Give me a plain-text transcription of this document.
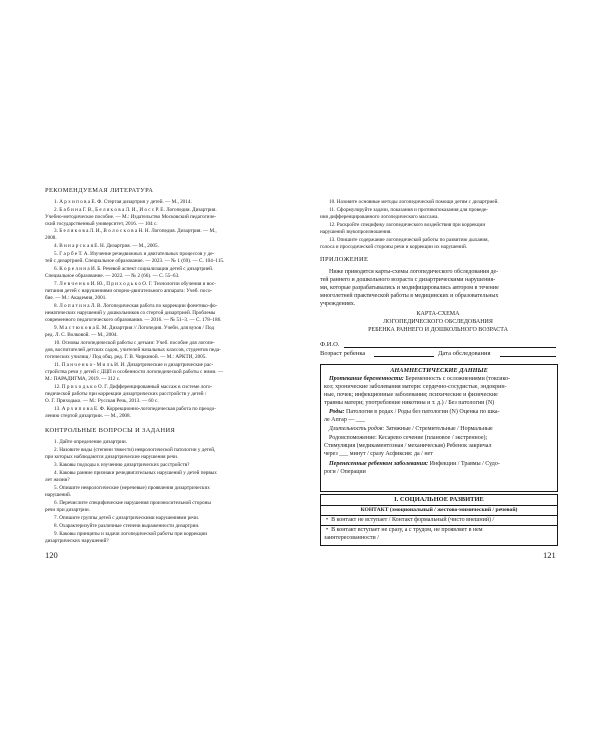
РЕКОМЕНДУЕМАЯ ЛИТЕРАТУРА
1. А р х и п о в а Е. Ф. Стертая дизартрия у детей. — М., 2014.
2. Б а б и н а Г. В., Б е л я к о в а Л. И., И о с с Р. Е. Логопедия. Дизартрия.
Учебно-методическое пособие. — М.: Издательство Московский педагогиче-
ский государственный университет, 2016. — 104 с.
3. Б е л я к о в а Л. И., В о л о с к о в а Н. Н. Логопедия. Дизартрия. — М.,
2008.
4. В и н а р с к а я Е. Н. Дизартрия. — М., 2005.
5. Г а р б е Т. А. Изучение речедвижных и двигательных процессов у де-
тей с дизартрией. Специальное образование. — 2023. — № 1 (69). — С. 104–115.
6. К о р е л и н а И. Б. Речевой аспект социализации детей с дизартрией.
Специальное образование. — 2022. — № 2 (66). — С. 55–63.
7. Л е в ч е н к о И. Ю., П р и х о д ь к о О. Г. Технологии обучения и вос-
питания детей с нарушениями опорно-двигательного аппарата: Учеб. посо-
бие. — М.: Академия, 2001.
8. Л о п а т и н а Л. В. Логопедическая работа по коррекции фонетико-фо-
нематических нарушений у дошкольников со стертой дизартрией. Проблемы
современного педагогического образования. — 2016. — № 51–3. — С. 178–186.
9. М а с т ю к о в а Е. М. Дизартрия // Логопедия. Учебн. для вузов / Под
ред. Л. С. Волковой. — М., 2004.
10. Основы логопедической работы с детьми: Учеб. пособие для логопе-
дов, воспитателей детских садов, учителей начальных классов, студентов педа-
гогических училищ / Под общ. ред. Г. В. Чиркиной. — М.: АРКТИ, 2005.
11. П а н ч е н к о - М и л ь И. И. Дизартрические и дизартрические рас-
стройства речи у детей с ДЦП и особенности логопедической работы с ними. —
М.: ПАРАДИГМА, 2019. — 312 с.
12. П р и х о д ь к о О. Г. Дифференцированный массаж в системе лого-
педической работы при коррекции дизартрических расстройств у детей /
О. Г. Приходько. — М.: Русская Речь, 2013. — 60 с.
13. А р х и п о в а Е. Ф. Коррекционно-логопедическая работа по преодо-
лению стертой дизартрии. — М., 2008.
КОНТРОЛЬНЫЕ ВОПРОСЫ И ЗАДАНИЯ
1. Дайте определение дизартрии.
2. Назовите виды (степени тяжести) неврологической патологии у детей,
при которых наблюдаются дизартрические нарушения речи.
3. Каковы подходы к изучению дизартрических расстройств?
4. Каковы ранние признаки речедвигательных нарушений у детей первых
лет жизни?
5. Опишите неврологические (неречевые) проявления дизартрических
нарушений.
6. Перечислите специфические нарушения произносительной стороны
речи при дизартрии.
7. Опишите группы детей с дизартрическими нарушениями речи.
8. Охарактеризуйте различные степени выраженности дизартрии.
9. Каковы принципы и задачи логопедической работы при коррекции
дизартрических нарушений?
120
10. Назовите основные методы логопедической помощи детям с дизартрией.
11. Сформулируйте задачи, показания и противопоказания для проведе-
ния дифференцированного логопедического массажа.
12. Раскройте специфику логопедического воздействия при коррекции
нарушений звукопроизношения.
13. Опишите содержание логопедической работы по развитию дыхания,
голоса и просодической стороны речи и коррекции их нарушений.
ПРИЛОЖЕНИЕ
Ниже приводятся карты-схемы логопедического обследования де-
тей раннего и дошкольного возраста с дизартрическими нарушения-
ми, которые разрабатывались и модифицировались автором в течение
многолетней практической работы в медицинских и образовательных
учреждениях.
КАРТА-СХЕМА
ЛОГОПЕДИЧЕСКОГО ОБСЛЕДОВАНИЯ
РЕБЕНКА РАННЕГО И ДОШКОЛЬНОГО ВОЗРАСТА
Ф.И.О.
Возраст ребенка	Дата обследования
АНАМНЕСТИЧЕСКИЕ ДАННЫЕ
Протекание беременности: Беременность с осложнениями (токсико-
коз; хронические заболевания матери: сердечно-сосудистые, эндокрин-
ные, почек; инфекционные заболевания; психические и физические
травмы матери; употребление никотина и т. д.) / Без патологии (N)
Роды: Патология в родах / Роды без патологии (N) Оценка по шка-
ле Апгар — ___
Длительность родов: Затяжные / Стремительные / Нормальные
Родовспоможение: Кесарево сечение (плановое / экстренное);
Стимуляция (медикаментозная / механическая) Ребенок закричал
через ___ минут / сразу Асфиксия: да / нет
Перенесенные ребенком заболевания: Инфекции / Травмы / Судо-
роги / Операции
I. СОЦИАЛЬНОЕ РАЗВИТИЕ
КОНТАКТ (эмоциональный / жестово-мимический / речевой)
•  В контакт не вступает / Контакт формальный (чисто внешний) /
•  В контакт вступает не сразу, а с трудом, не проявляет в нем
заинтересованности /
121
